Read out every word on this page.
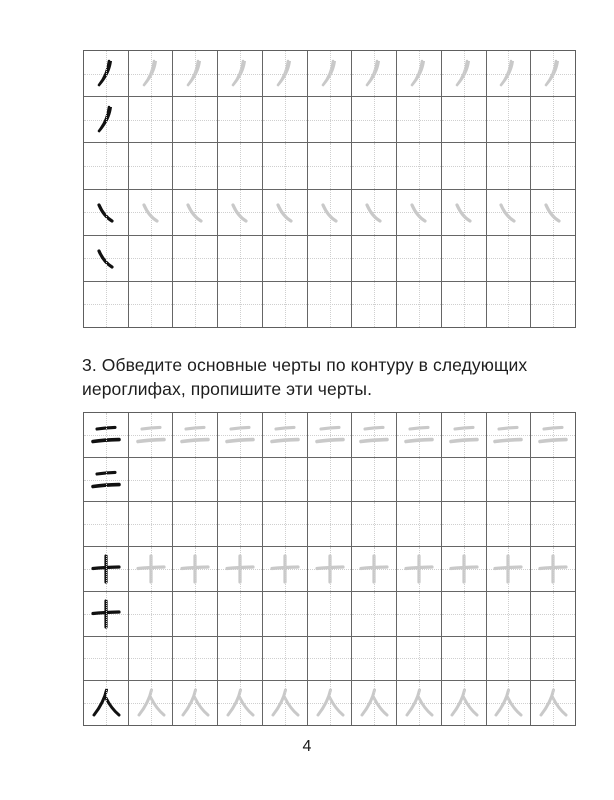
3. Обведите основные черты по контуру в следующих
иероглифах, пропишите эти черты.
4
